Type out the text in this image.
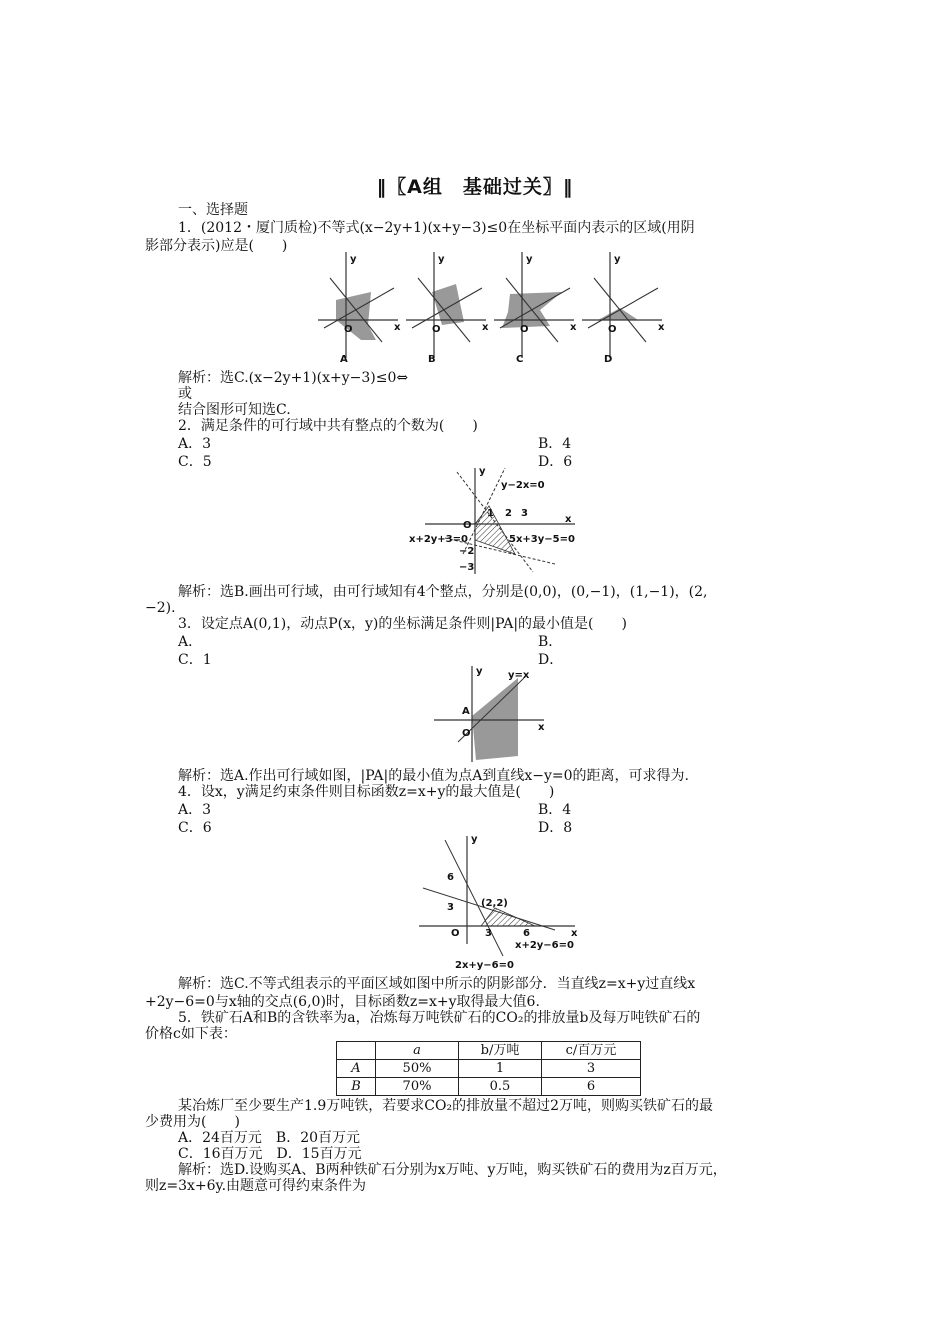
‖〖A组　基础过关〗‖
一、选择题
1．(2012・厦门质检)不等式(x−2y+1)(x+y−3)≤0在坐标平面内表示的区域(用阴
影部分表示)应是(　　)
y
x
O
A
y
x
O
B
y
x
O
C
y
x
O
D
解析：选C.(x−2y+1)(x+y−3)≤0⇔
或
结合图形可知选C.
2．满足条件的可行域中共有整点的个数为(　　)
A．3	B．4
C．5	D．6
y
x
O
1 2 3
y−2x=0
x+2y+3=0	5x+3y−5=0
−2
−3
解析：选B.画出可行域，由可行域知有4个整点，分别是(0,0)，(0,−1)，(1,−1)，(2,
−2).
3．设定点A(0,1)，动点P(x，y)的坐标满足条件则|PA|的最小值是(　　)
A．	B．
C．1	D．
y
x
A
O
y=x
解析：选A.作出可行域如图，|PA|的最小值为点A到直线x−y=0的距离，可求得为.
4．设x，y满足约束条件则目标函数z=x+y的最大值是(　　)
A．3	B．4
C．6	D．8
y
x
O
6
3	(2,2)
3	6
x+2y−6=0
2x+y−6=0
解析：选C.不等式组表示的平面区域如图中所示的阴影部分．当直线z=x+y过直线x
+2y−6=0与x轴的交点(6,0)时，目标函数z=x+y取得最大值6.
5．铁矿石A和B的含铁率为a，冶炼每万吨铁矿石的CO₂的排放量b及每万吨铁矿石的
价格c如下表：
	a	b/万吨	c/百万元
A	50%	1	3
B	70%	0.5	6
某冶炼厂至少要生产1.9万吨铁，若要求CO₂的排放量不超过2万吨，则购买铁矿石的最
少费用为(　　)
A．24百万元　B．20百万元
C．16百万元　D．15百万元
解析：选D.设购买A、B两种铁矿石分别为x万吨、y万吨，购买铁矿石的费用为z百万元，
则z=3x+6y.由题意可得约束条件为
